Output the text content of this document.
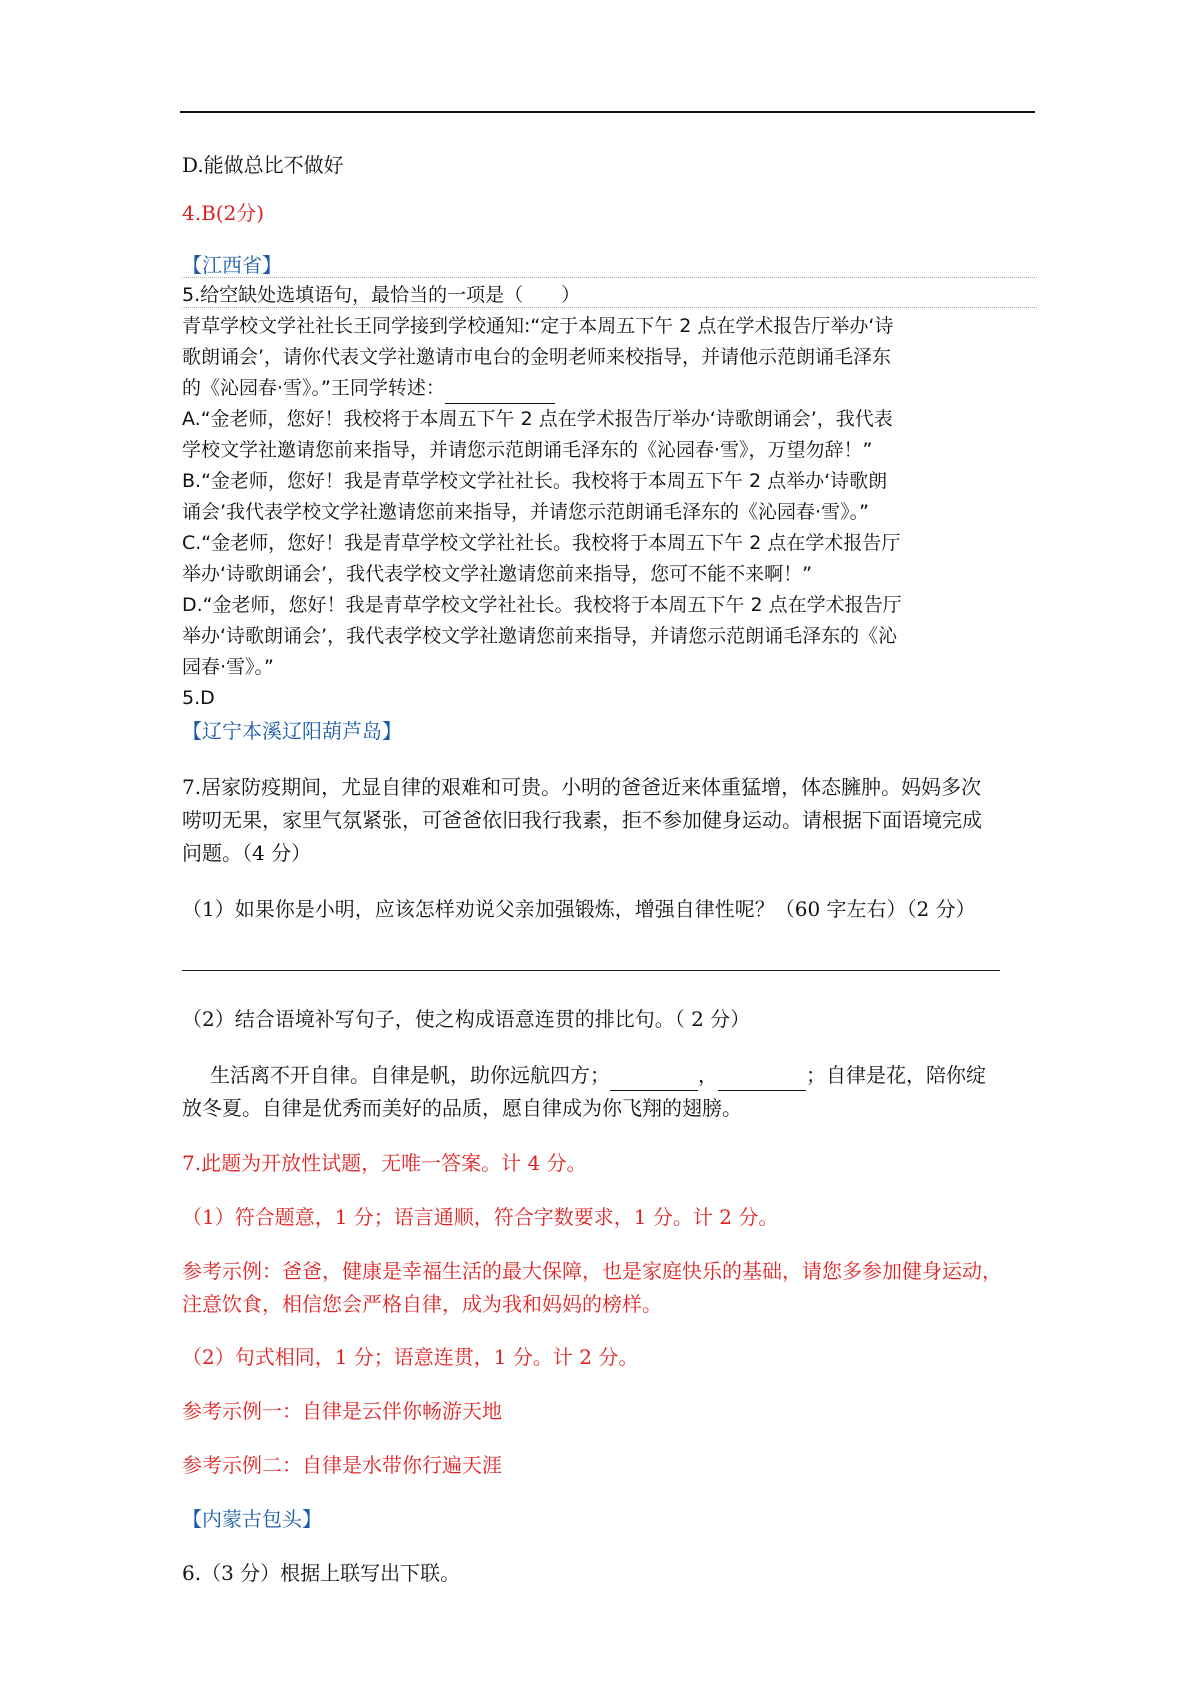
D.能做总比不做好
4.B(2分)
【江西省】
5.给空缺处选填语句，最恰当的一项是（　　）
青草学校文学社社长王同学接到学校通知:“定于本周五下午 2 点在学术报告厅举办‘诗
歌朗诵会’，请你代表文学社邀请市电台的金明老师来校指导，并请他示范朗诵毛泽东
的《沁园春·雪》。”王同学转述：
A.“金老师，您好！我校将于本周五下午 2 点在学术报告厅举办‘诗歌朗诵会’，我代表
学校文学社邀请您前来指导，并请您示范朗诵毛泽东的《沁园春·雪》，万望勿辞！”
B.“金老师，您好！我是青草学校文学社社长。我校将于本周五下午 2 点举办‘诗歌朗
诵会’我代表学校文学社邀请您前来指导，并请您示范朗诵毛泽东的《沁园春·雪》。”
C.“金老师，您好！我是青草学校文学社社长。我校将于本周五下午 2 点在学术报告厅
举办‘诗歌朗诵会’，我代表学校文学社邀请您前来指导，您可不能不来啊！”
D.“金老师，您好！我是青草学校文学社社长。我校将于本周五下午 2 点在学术报告厅
举办‘诗歌朗诵会’，我代表学校文学社邀请您前来指导，并请您示范朗诵毛泽东的《沁
园春·雪》。”
5.D
【辽宁本溪辽阳葫芦岛】
7.居家防疫期间，尤显自律的艰难和可贵。小明的爸爸近来体重猛增，体态臃肿。妈妈多次
唠叨无果，家里气氛紧张，可爸爸依旧我行我素，拒不参加健身运动。请根据下面语境完成
问题。（4 分）
（1）如果你是小明，应该怎样劝说父亲加强锻炼，增强自律性呢？（60 字左右）（2 分）
（2）结合语境补写句子，使之构成语意连贯的排比句。（ 2 分）
生活离不开自律。自律是帆，助你远航四方；	，	；自律是花，陪你绽
放冬夏。自律是优秀而美好的品质，愿自律成为你飞翔的翅膀。
7.此题为开放性试题，无唯一答案。计 4 分。
（1）符合题意，1 分；语言通顺，符合字数要求，1 分。计 2 分。
参考示例：爸爸，健康是幸福生活的最大保障，也是家庭快乐的基础，请您多参加健身运动，
注意饮食，相信您会严格自律，成为我和妈妈的榜样。
（2）句式相同，1 分；语意连贯，1 分。计 2 分。
参考示例一：自律是云伴你畅游天地
参考示例二：自律是水带你行遍天涯
【内蒙古包头】
6.（3 分）根据上联写出下联。
